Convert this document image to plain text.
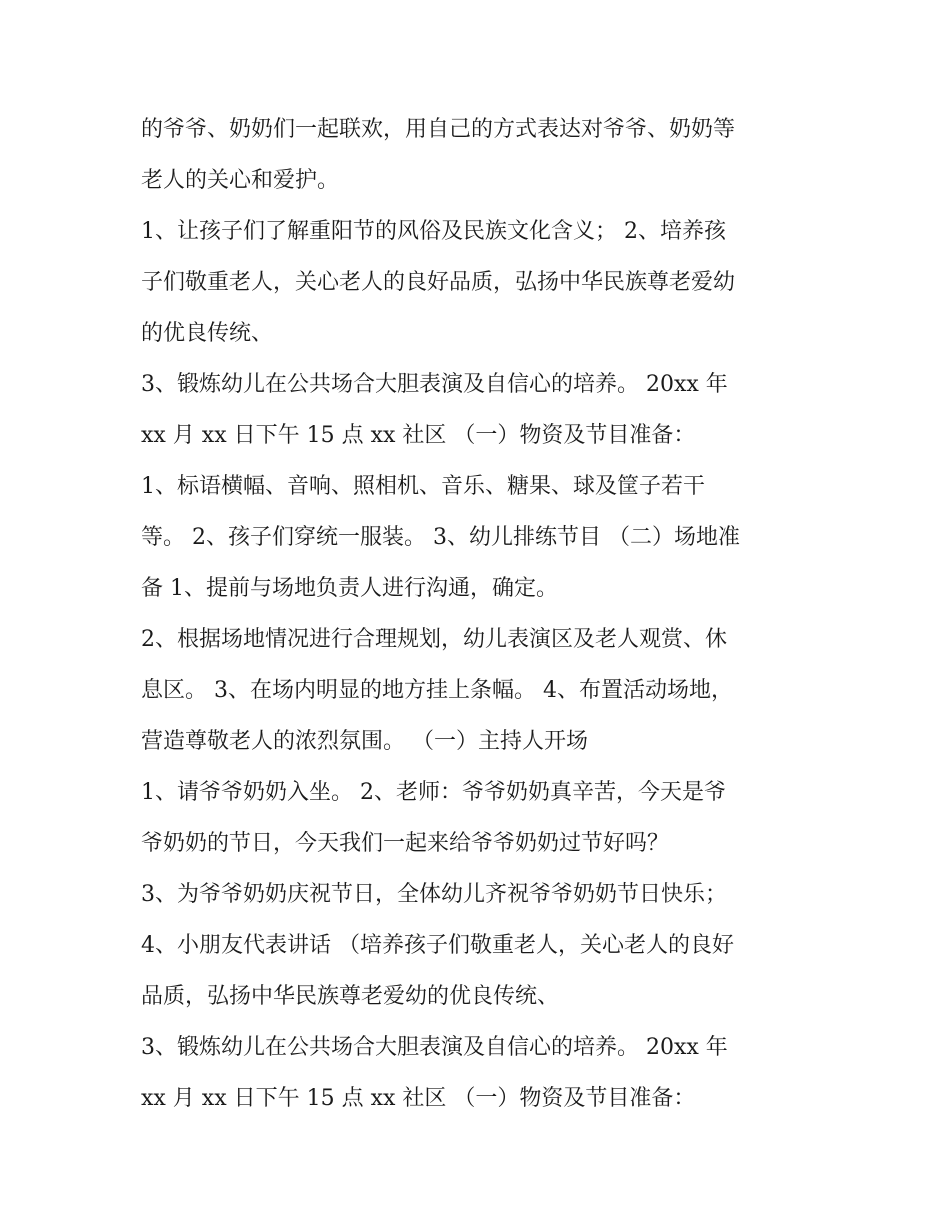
的爷爷、奶奶们一起联欢，用自己的方式表达对爷爷、奶奶等
老人的关心和爱护。
1、让孩子们了解重阳节的风俗及民族文化含义； 2、培养孩
子们敬重老人，关心老人的良好品质，弘扬中华民族尊老爱幼
的优良传统、
3、锻炼幼儿在公共场合大胆表演及自信心的培养。 20xx 年
xx 月 xx 日下午 15 点 xx 社区 （一）物资及节目准备：
1、标语横幅、音响、照相机、音乐、糖果、球及筐子若干
等。 2、孩子们穿统一服装。 3、幼儿排练节目 （二）场地准
备 1、提前与场地负责人进行沟通，确定。
2、根据场地情况进行合理规划，幼儿表演区及老人观赏、休
息区。 3、在场内明显的地方挂上条幅。 4、布置活动场地，
营造尊敬老人的浓烈氛围。 （一）主持人开场
1、请爷爷奶奶入坐。 2、老师：爷爷奶奶真辛苦，今天是爷
爷奶奶的节日，今天我们一起来给爷爷奶奶过节好吗？
3、为爷爷奶奶庆祝节日，全体幼儿齐祝爷爷奶奶节日快乐；
4、小朋友代表讲话 （培养孩子们敬重老人，关心老人的良好
品质，弘扬中华民族尊老爱幼的优良传统、
3、锻炼幼儿在公共场合大胆表演及自信心的培养。 20xx 年
xx 月 xx 日下午 15 点 xx 社区 （一）物资及节目准备：
